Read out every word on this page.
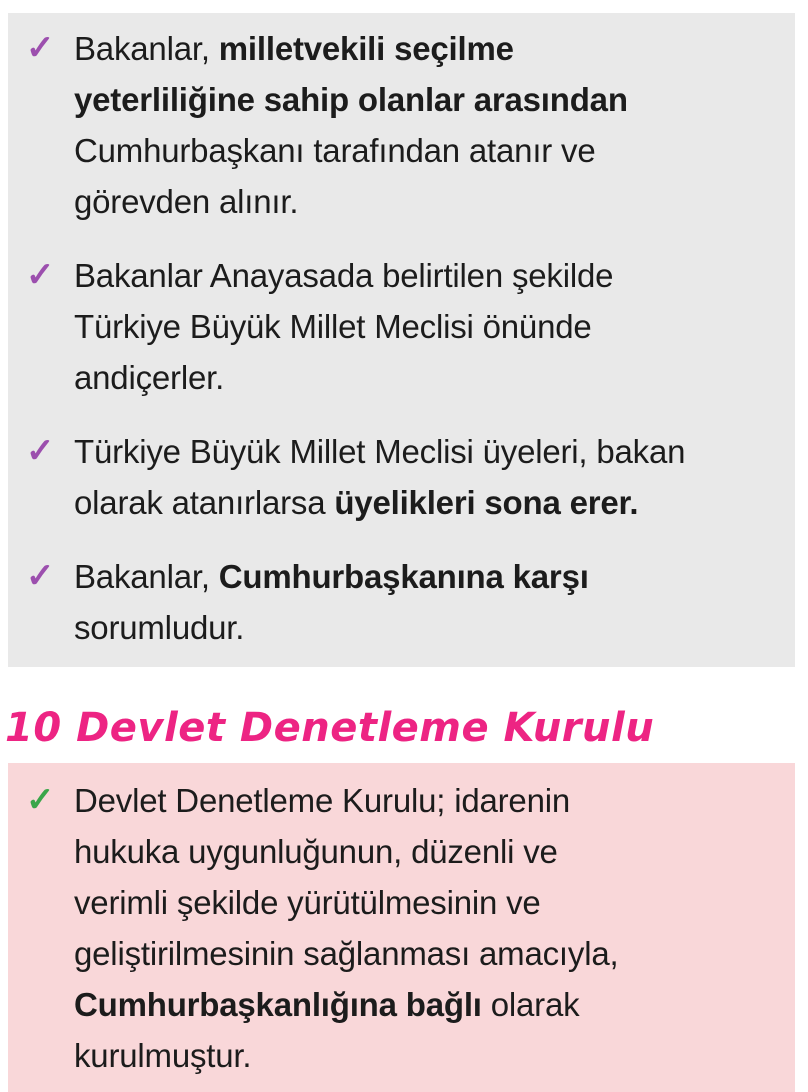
✓ Bakanlar, milletvekili seçilme
yeterliliğine sahip olanlar arasından
Cumhurbaşkanı tarafından atanır ve
görevden alınır.
✓ Bakanlar Anayasada belirtilen şekilde
Türkiye Büyük Millet Meclisi önünde
andiçerler.
✓ Türkiye Büyük Millet Meclisi üyeleri, bakan
olarak atanırlarsa üyelikleri sona erer.
✓ Bakanlar, Cumhurbaşkanına karşı
sorumludur.
10 Devlet Denetleme Kurulu
✓ Devlet Denetleme Kurulu; idarenin
hukuka uygunluğunun, düzenli ve
verimli şekilde yürütülmesinin ve
geliştirilmesinin sağlanması amacıyla,
Cumhurbaşkanlığına bağlı olarak
kurulmuştur.
